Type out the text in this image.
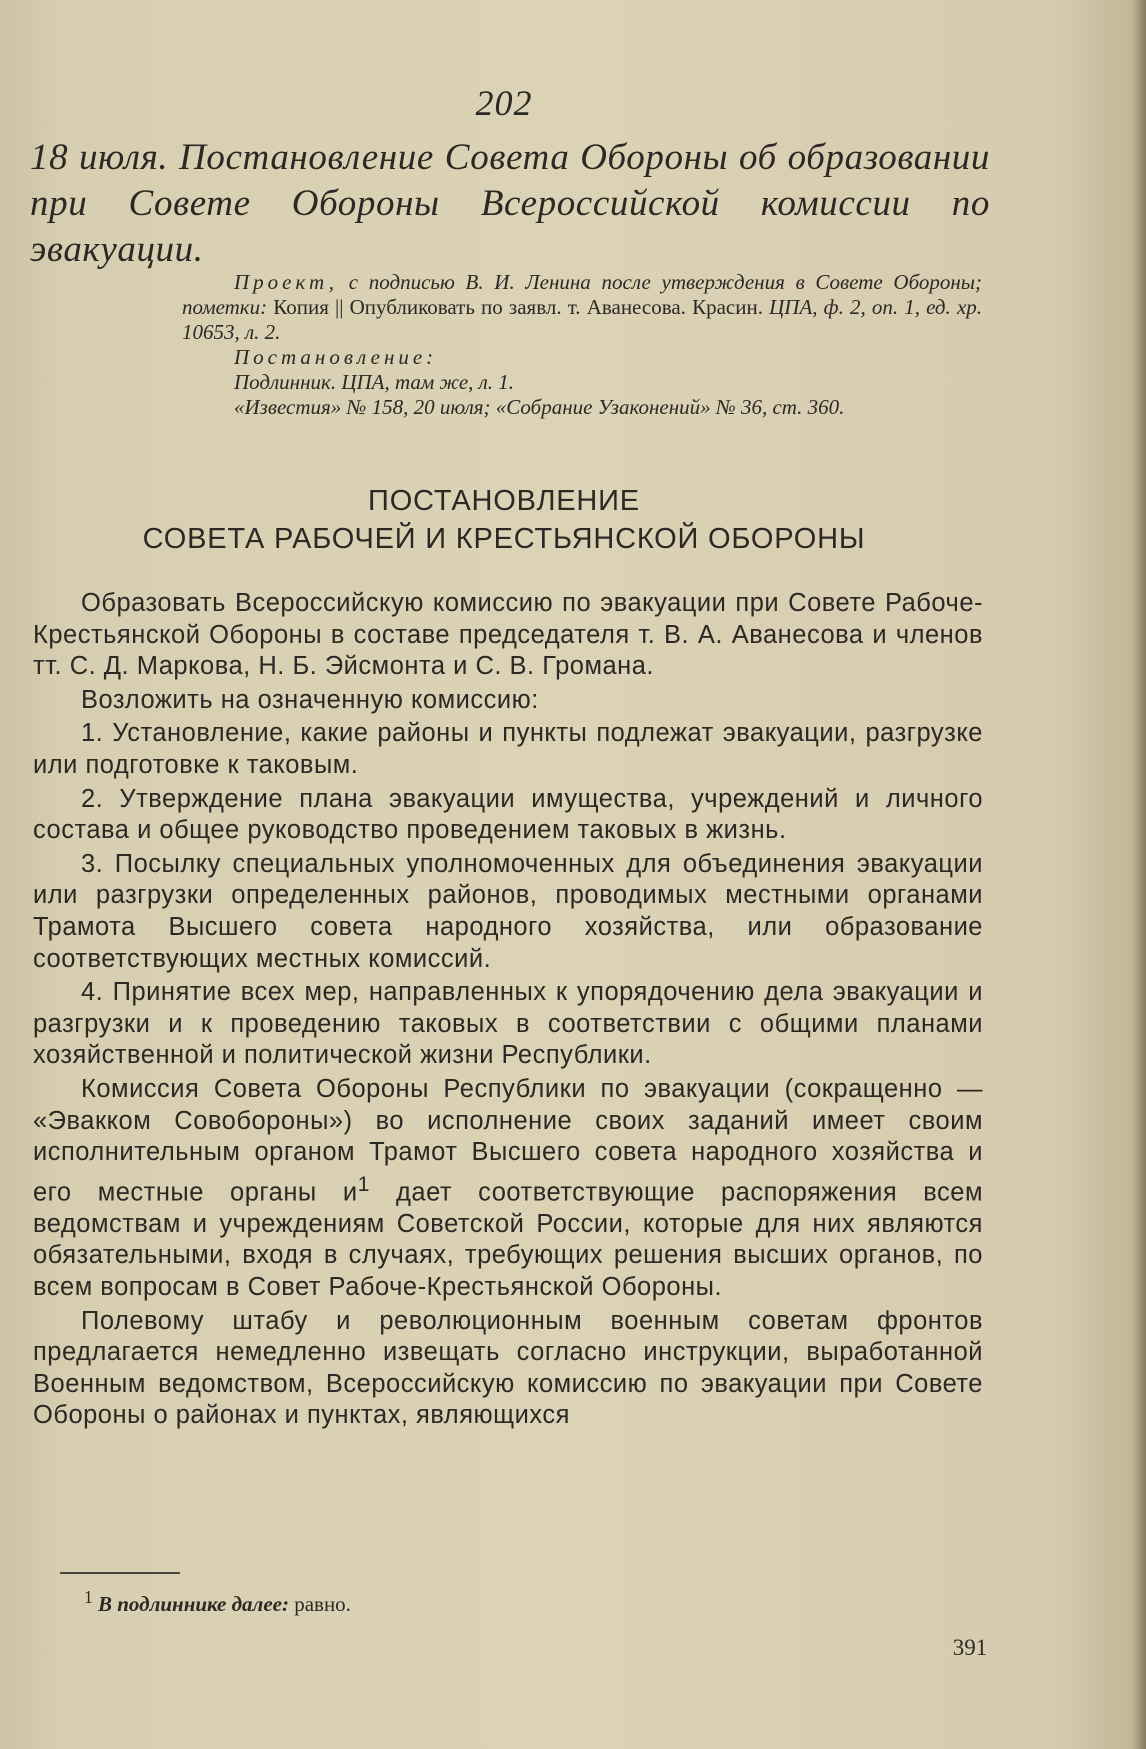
202
18 июля. Постановление Совета Обороны об образовании при Совете Обороны Всероссийской комиссии по эвакуации.

Проект, с подписью В. И. Ленина после утверждения в Совете Обороны; пометки: Копия || Опубликовать по заявл. т. Аванесова. Красин. ЦПА, ф. 2, оп. 1, ед. хр. 10653, л. 2.

Постановление:

Подлинник. ЦПА, там же, л. 1.

«Известия» № 158, 20 июля; «Собрание Узаконений» № 36, ст. 360.

ПОСТАНОВЛЕНИЕ
СОВЕТА РАБОЧЕЙ И КРЕСТЬЯНСКОЙ ОБОРОНЫ

Образовать Всероссийскую комиссию по эвакуации при Совете Рабоче-Крестьянской Обороны в составе председателя т. В. А. Аванесова и членов тт. С. Д. Маркова, Н. Б. Эйсмонта и С. В. Громана.

Возложить на означенную комиссию:

1. Установление, какие районы и пункты подлежат эвакуации, разгрузке или подготовке к таковым.

2. Утверждение плана эвакуации имущества, учреждений и личного состава и общее руководство проведением таковых в жизнь.

3. Посылку специальных уполномоченных для объединения эвакуации или разгрузки определенных районов, проводимых местными органами Трамота Высшего совета народного хозяйства, или образование соответствующих местных комиссий.

4. Принятие всех мер, направленных к упорядочению дела эвакуации и разгрузки и к проведению таковых в соответствии с общими планами хозяйственной и политической жизни Республики.

Комиссия Совета Обороны Республики по эвакуации (сокращенно — «Эвакком Совобороны») во исполнение своих заданий имеет своим исполнительным органом Трамот Высшего совета народного хозяйства и его местные органы $и^1$ дает соответствующие распоряжения всем ведомствам и учреждениям Советской России, которые для них являются обязательными, входя в случаях, требующих решения высших органов, по всем вопросам в Совет Рабоче-Крестьянской Обороны.

Полевому штабу и революционным военным советам фронтов предлагается немедленно извещать согласно инструкции, выработанной Военным ведомством, Всероссийскую комиссию по эвакуации при Совете Обороны о районах и пунктах, являющихся

$^1$ В подлиннике далее: равно.
391
